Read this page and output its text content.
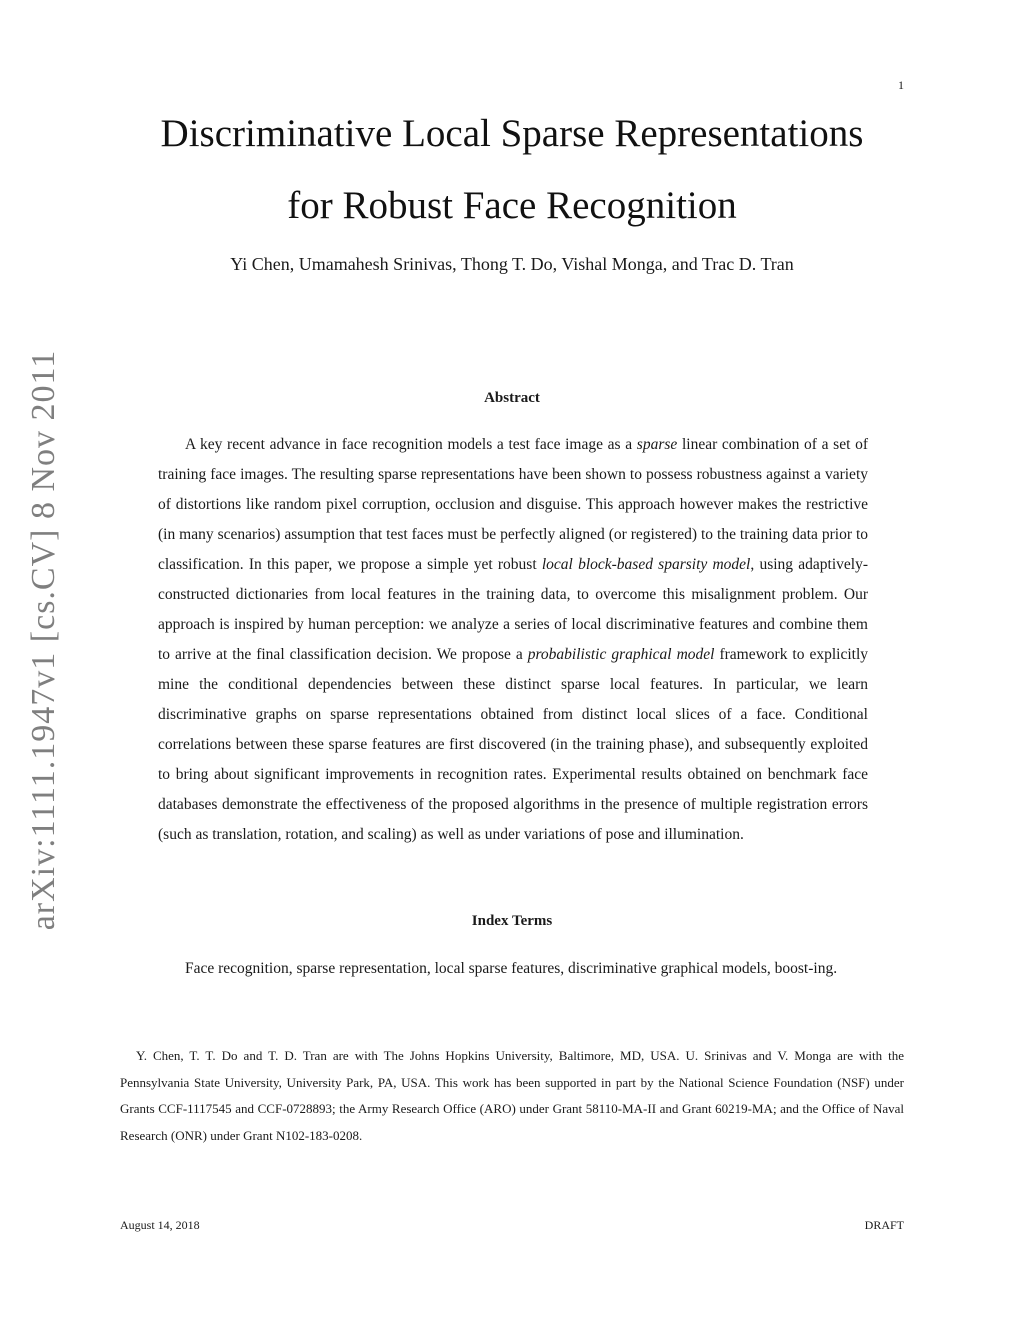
1
arXiv:1111.1947v1 [cs.CV] 8 Nov 2011
Discriminative Local Sparse Representations
for Robust Face Recognition
Yi Chen, Umamahesh Srinivas, Thong T. Do, Vishal Monga, and Trac D. Tran
Abstract

A key recent advance in face recognition models a test face image as a sparse linear combination of a set of training face images. The resulting sparse representations have been shown to possess robustness against a variety of distortions like random pixel corruption, occlusion and disguise. This approach however makes the restrictive (in many scenarios) assumption that test faces must be perfectly aligned (or registered) to the training data prior to classification. In this paper, we propose a simple yet robust local block-based sparsity model, using adaptively-constructed dictionaries from local features in the training data, to overcome this misalignment problem. Our approach is inspired by human perception: we analyze a series of local discriminative features and combine them to arrive at the final classification decision. We propose a probabilistic graphical model framework to explicitly mine the conditional dependencies between these distinct sparse local features. In particular, we learn discriminative graphs on sparse representations obtained from distinct local slices of a face. Conditional correlations between these sparse features are first discovered (in the training phase), and subsequently exploited to bring about significant improvements in recognition rates. Experimental results obtained on benchmark face databases demonstrate the effectiveness of the proposed algorithms in the presence of multiple registration errors (such as translation, rotation, and scaling) as well as under variations of pose and illumination.

Index Terms

Face recognition, sparse representation, local sparse features, discriminative graphical models, boost-ing.

Y. Chen, T. T. Do and T. D. Tran are with The Johns Hopkins University, Baltimore, MD, USA. U. Srinivas and V. Monga are with the Pennsylvania State University, University Park, PA, USA. This work has been supported in part by the National Science Foundation (NSF) under Grants CCF-1117545 and CCF-0728893; the Army Research Office (ARO) under Grant 58110-MA-II and Grant 60219-MA; and the Office of Naval Research (ONR) under Grant N102-183-0208.

August 14, 2018	DRAFT
